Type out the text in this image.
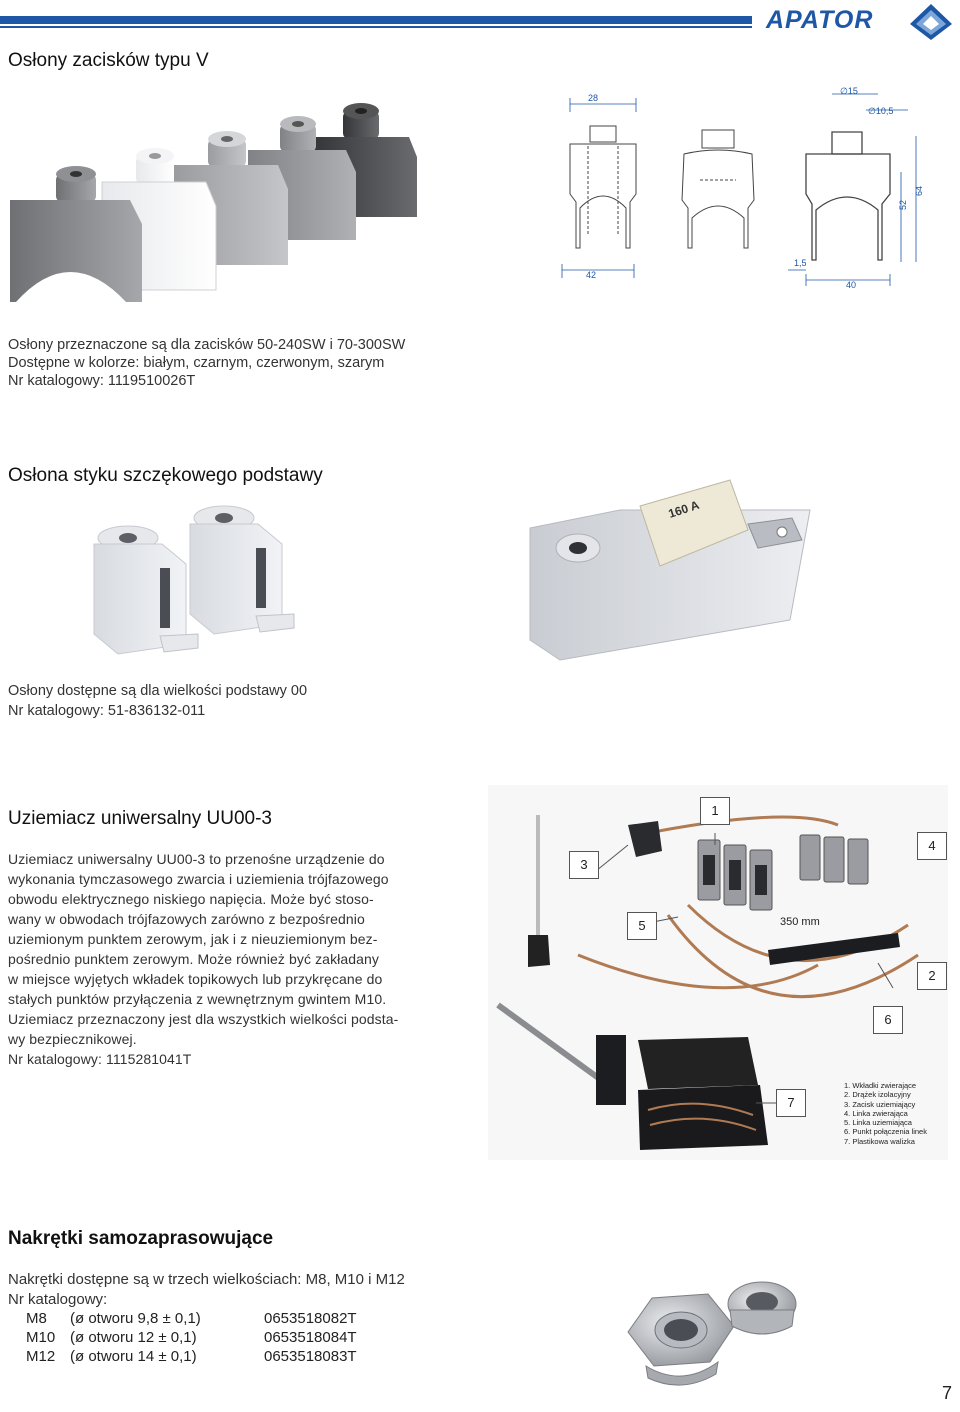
APATOR
Osłony zacisków typu V
28
42
∅15
∅10,5
1,5
40
52
64
Osłony przeznaczone są dla zacisków 50-240SW i 70-300SW
Dostępne w kolorze: białym, czarnym, czerwonym, szarym
Nr katalogowy: 1119510026T
Osłona styku szczękowego podstawy
160 A
Osłony dostępne są dla wielkości podstawy 00
Nr katalogowy: 51-836132-011
Uziemiacz uniwersalny UU00-3
Uziemiacz uniwersalny UU00-3 to przenośne urządzenie do
wykonania tymczasowego zwarcia i uziemienia trójfazowego
obwodu elektrycznego niskiego napięcia. Może być stoso-
wany w obwodach trójfazowych zarówno z bezpośrednio
uziemionym punktem zerowym, jak i z nieuziemionym bez-
pośrednio punktem zerowym. Może również być zakładany
w miejsce wyjętych wkładek topikowych lub przykręcane do
stałych punktów przyłączenia z wewnętrznym gwintem M10.
Uziemiacz przeznaczony jest dla wszystkich wielkości podsta-
wy bezpiecznikowej.
Nr katalogowy: 1115281041T
350 mm
1
2
3
4
5
6
7
1. Wkładki zwierające
2. Drążek izolacyjny
3. Zacisk uziemiający
4. Linka zwierająca
5. Linka uziemiająca
6. Punkt połączenia linek
7. Plastikowa walizka
Nakrętki samozaprasowujące
Nakrętki dostępne są w trzech wielkościach: M8, M10 i M12
Nr katalogowy:
M8	(ø otworu 9,8 ± 0,1)	0653518082T
M10	(ø otworu 12 ± 0,1)	0653518084T
M12	(ø otworu 14 ± 0,1)	0653518083T
7
